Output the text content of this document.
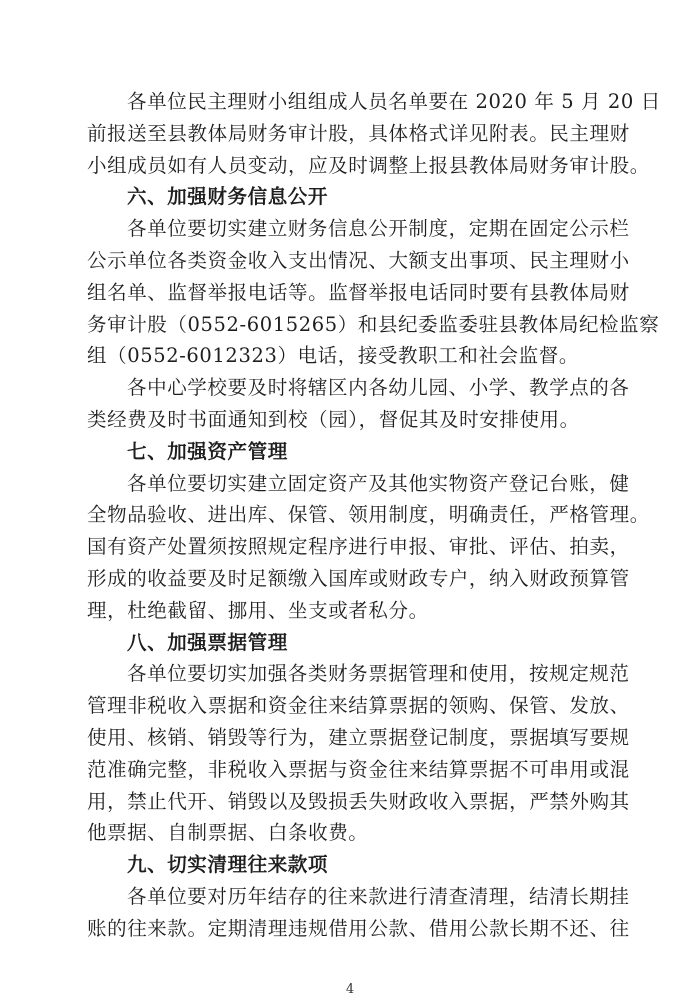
各单位民主理财小组组成人员名单要在 2020 年 5 月 20 日
前报送至县教体局财务审计股，具体格式详见附表。民主理财
小组成员如有人员变动，应及时调整上报县教体局财务审计股。
六、加强财务信息公开
各单位要切实建立财务信息公开制度，定期在固定公示栏
公示单位各类资金收入支出情况、大额支出事项、民主理财小
组名单、监督举报电话等。监督举报电话同时要有县教体局财
务审计股（0552-6015265）和县纪委监委驻县教体局纪检监察
组（0552-6012323）电话，接受教职工和社会监督。
各中心学校要及时将辖区内各幼儿园、小学、教学点的各
类经费及时书面通知到校（园），督促其及时安排使用。
七、加强资产管理
各单位要切实建立固定资产及其他实物资产登记台账，健
全物品验收、进出库、保管、领用制度，明确责任，严格管理。
国有资产处置须按照规定程序进行申报、审批、评估、拍卖，
形成的收益要及时足额缴入国库或财政专户，纳入财政预算管
理，杜绝截留、挪用、坐支或者私分。
八、加强票据管理
各单位要切实加强各类财务票据管理和使用，按规定规范
管理非税收入票据和资金往来结算票据的领购、保管、发放、
使用、核销、销毁等行为，建立票据登记制度，票据填写要规
范准确完整，非税收入票据与资金往来结算票据不可串用或混
用，禁止代开、销毁以及毁损丢失财政收入票据，严禁外购其
他票据、自制票据、白条收费。
九、切实清理往来款项
各单位要对历年结存的往来款进行清查清理，结清长期挂
账的往来款。定期清理违规借用公款、借用公款长期不还、往
4
